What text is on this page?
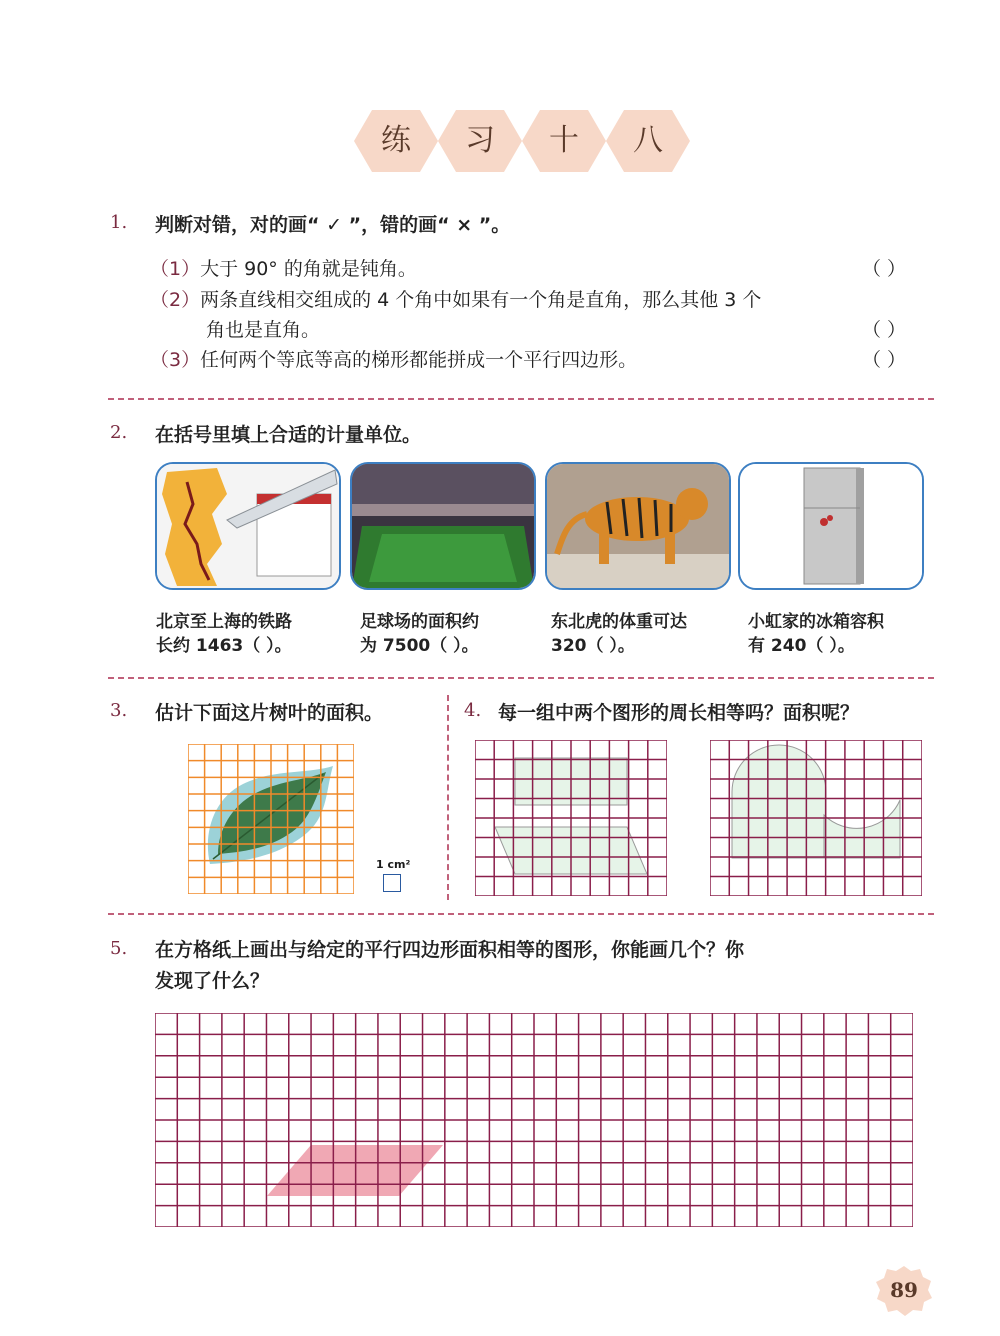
练	习	十	八
1. 判断对错，对的画“ ✓ ”，错的画“ × ”。
（1）大于 90° 的角就是钝角。	（ ）
（2）两条直线相交组成的 4 个角中如果有一个角是直角，那么其他 3 个
角也是直角。	（ ）
（3）任何两个等底等高的梯形都能拼成一个平行四边形。	（ ）
2. 在括号里填上合适的计量单位。
北京至上海的铁路
长约 1463（ ）。
足球场的面积约
为 7500（ ）。
东北虎的体重可达
320（ ）。
小虹家的冰箱容积
有 240（ ）。
3. 估计下面这片树叶的面积。
1 cm²
4. 每一组中两个图形的周长相等吗？面积呢？
5. 在方格纸上画出与给定的平行四边形面积相等的图形，你能画几个？你
发现了什么？
89
